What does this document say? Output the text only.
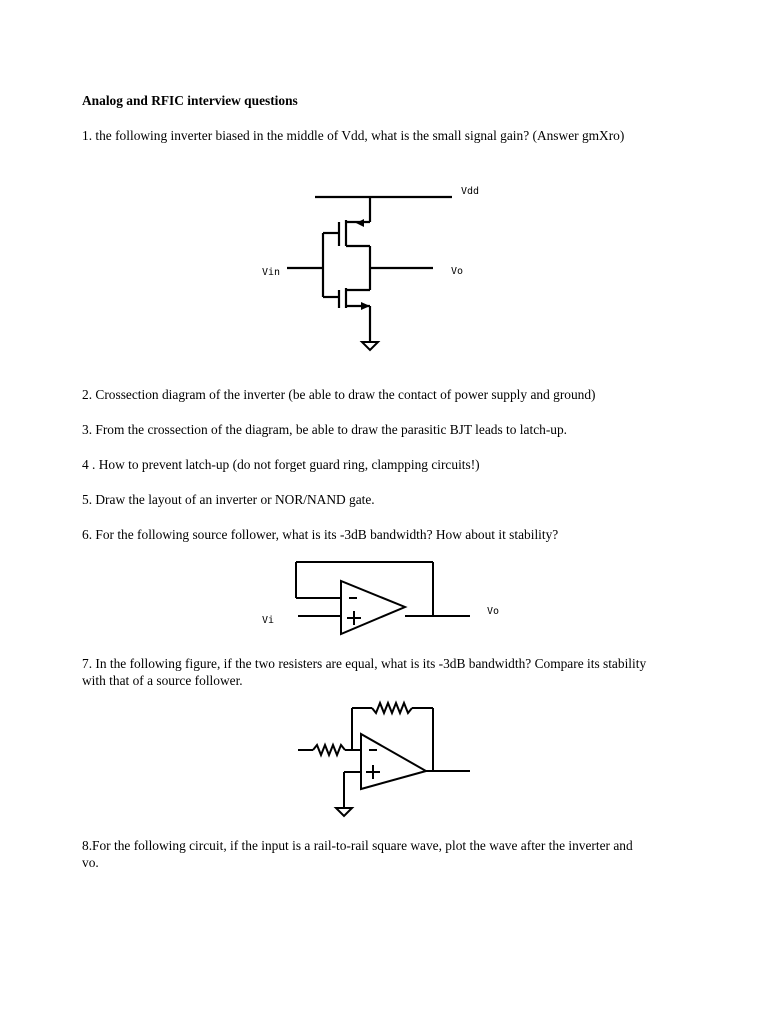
Analog and RFIC interview questions

1. the following inverter biased in the middle of Vdd, what is the small signal gain? (Answer gmXro)

Vdd
Vin	Vo

2. Crossection diagram of the inverter (be able to draw the contact of power supply and ground)

3. From the crossection of the diagram, be able to draw the parasitic BJT leads to latch-up.

4 . How to prevent latch-up (do not forget guard ring, clampping circuits!)

5. Draw the layout of an inverter or NOR/NAND gate.

6. For the following source follower, what is its -3dB bandwidth? How about it stability?

Vi
Vo

7. In the following figure, if the two resisters are equal, what is its -3dB bandwidth? Compare its stability with that of a source follower.

8.For the following circuit, if the input is a rail-to-rail square wave, plot the wave after the inverter and vo.
